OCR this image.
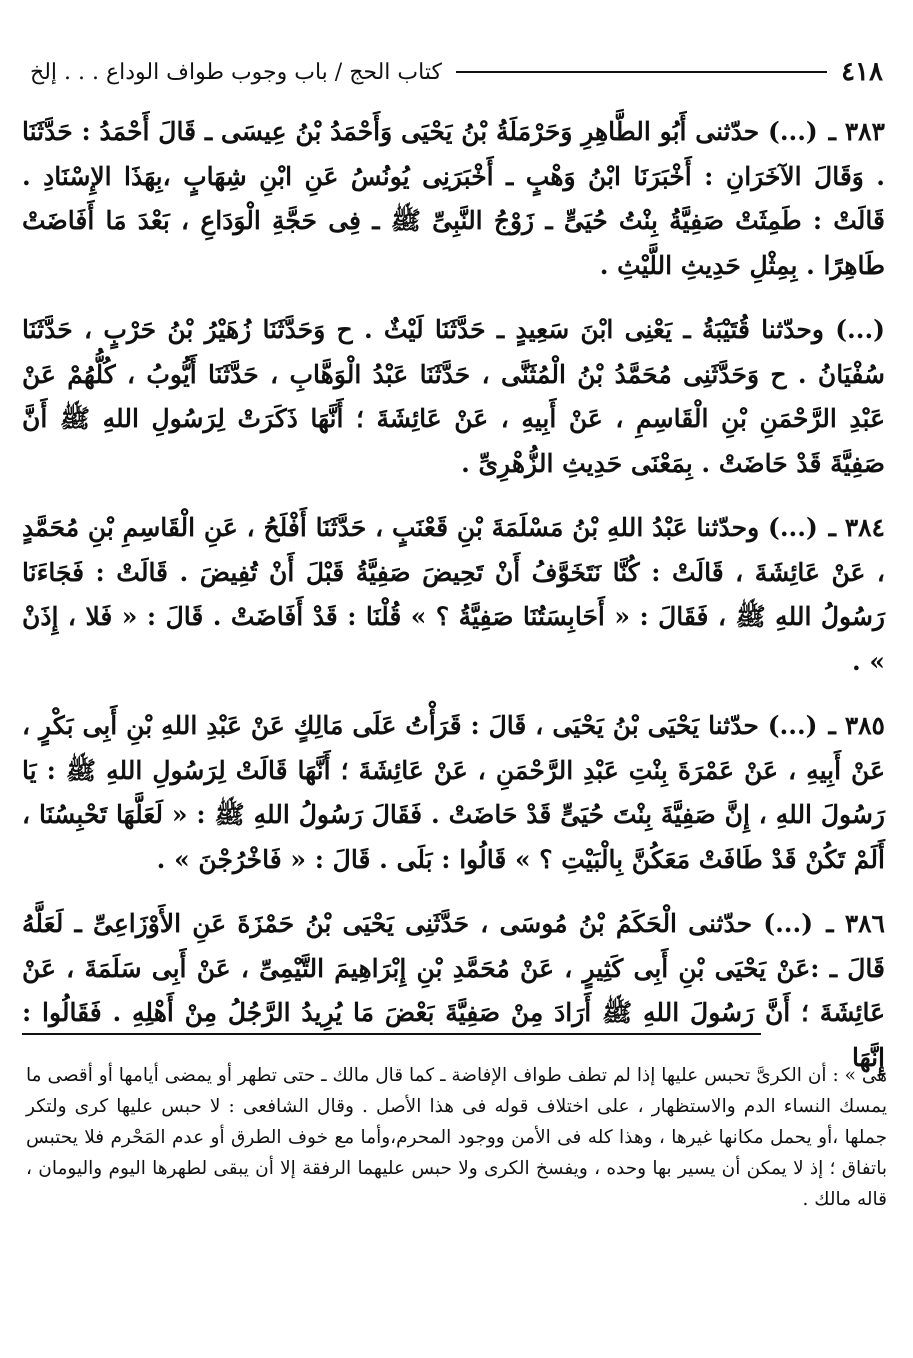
٤١٨
كتاب الحج / باب وجوب طواف الوداع . . . إلخ

٣٨٣ ـ (...) حدّثنى أَبُو الطَّاهِرِ وَحَرْمَلَةُ بْنُ يَحْيَى وَأَحْمَدُ بْنُ عِيسَى ـ قَالَ أَحْمَدُ : حَدَّثَنَا . وَقَالَ الآخَرَانِ : أَخْبَرَنَا ابْنُ وَهْبٍ ـ أَخْبَرَنِى يُونُسُ عَنِ ابْنِ شِهَابٍ ،بِهَذَا الإِسْنَادِ . قَالَتْ : طَمِثَتْ صَفِيَّةُ بِنْتُ حُيَىٍّ ـ زَوْجُ النَّبِىِّ ﷺ ـ فِى حَجَّةِ الْوَدَاعِ ، بَعْدَ مَا أَفَاضَتْ طَاهِرًا . بِمِثْلِ حَدِيثِ اللَّيْثِ .

(...) وحدّثنا قُتَيْبَةُ ـ يَعْنِى ابْنَ سَعِيدٍ ـ حَدَّثَنَا لَيْثٌ . ح وَحَدَّثَنَا زُهَيْرُ بْنُ حَرْبٍ ، حَدَّثَنَا سُفْيَانُ . ح وَحَدَّثَنِى مُحَمَّدُ بْنُ الْمُثَنَّى ، حَدَّثَنَا عَبْدُ الْوَهَّابِ ، حَدَّثَنَا أَيُّوبُ ، كُلُّهُمْ عَنْ عَبْدِ الرَّحْمَنِ بْنِ الْقَاسِمِ ، عَنْ أَبِيهِ ، عَنْ عَائِشَةَ ؛ أَنَّهَا ذَكَرَتْ لِرَسُولِ اللهِ ﷺ أَنَّ صَفِيَّةَ قَدْ حَاضَتْ . بِمَعْنَى حَدِيثِ الزُّهْرِىِّ .

٣٨٤ ـ (...) وحدّثنا عَبْدُ اللهِ بْنُ مَسْلَمَةَ بْنِ قَعْنَبٍ ، حَدَّثَنَا أَفْلَحُ ، عَنِ الْقَاسِمِ بْنِ مُحَمَّدٍ ، عَنْ عَائِشَةَ ، قَالَتْ : كُنَّا نَتَخَوَّفُ أَنْ تَحِيضَ صَفِيَّةُ قَبْلَ أَنْ تُفِيضَ . قَالَتْ : فَجَاءَنَا رَسُولُ اللهِ ﷺ ، فَقَالَ : « أَحَابِسَتُنَا صَفِيَّةُ ؟ » قُلْنَا : قَدْ أَفَاضَتْ . قَالَ : « فَلا ، إِذَنْ » .

٣٨٥ ـ (...) حدّثنا يَحْيَى بْنُ يَحْيَى ، قَالَ : قَرَأْتُ عَلَى مَالِكٍ عَنْ عَبْدِ اللهِ بْنِ أَبِى بَكْرٍ ، عَنْ أَبِيهِ ، عَنْ عَمْرَةَ بِنْتِ عَبْدِ الرَّحْمَنِ ، عَنْ عَائِشَةَ ؛ أَنَّهَا قَالَتْ لِرَسُولِ اللهِ ﷺ : يَا رَسُولَ اللهِ ، إِنَّ صَفِيَّةَ بِنْتَ حُيَىٍّ قَدْ حَاضَتْ . فَقَالَ رَسُولُ اللهِ ﷺ : « لَعَلَّهَا تَحْبِسُنَا ، أَلَمْ تَكُنْ قَدْ طَافَتْ مَعَكُنَّ بِالْبَيْتِ ؟ » قَالُوا : بَلَى . قَالَ : « فَاخْرُجْنَ » .

٣٨٦ ـ (...) حدّثنى الْحَكَمُ بْنُ مُوسَى ، حَدَّثَنِى يَحْيَى بْنُ حَمْزَةَ عَنِ الأَوْزَاعِىِّ ـ لَعَلَّهُ قَالَ ـ :عَنْ يَحْيَى بْنِ أَبِى كَثِيرٍ ، عَنْ مُحَمَّدِ بْنِ إِبْرَاهِيمَ التَّيْمِىِّ ، عَنْ أَبِى سَلَمَةَ ، عَنْ عَائِشَةَ ؛ أَنَّ رَسُولَ اللهِ ﷺ أَرَادَ مِنْ صَفِيَّةَ بَعْضَ مَا يُرِيدُ الرَّجُلُ مِنْ أَهْلِهِ . فَقَالُوا : إِنَّهَا

هى » : أن الكرىَّ تحبس عليها إذا لم تطف طواف الإفاضة ـ كما قال مالك ـ حتى تطهر أو يمضى أيامها أو أقصى ما يمسك النساء الدم والاستظهار ، على اختلاف قوله فى هذا الأصل . وقال الشافعى : لا حبس عليها كرى ولتكر جملها ،أو يحمل مكانها غيرها ، وهذا كله فى الأمن ووجود المحرم،وأما مع خوف الطرق أو عدم المَحْرم فلا يحتبس باتفاق ؛ إذ لا يمكن أن يسير بها وحده ، ويفسخ الكرى ولا حبس عليهما الرفقة إلا أن يبقى لطهرها اليوم واليومان ، قاله مالك .
